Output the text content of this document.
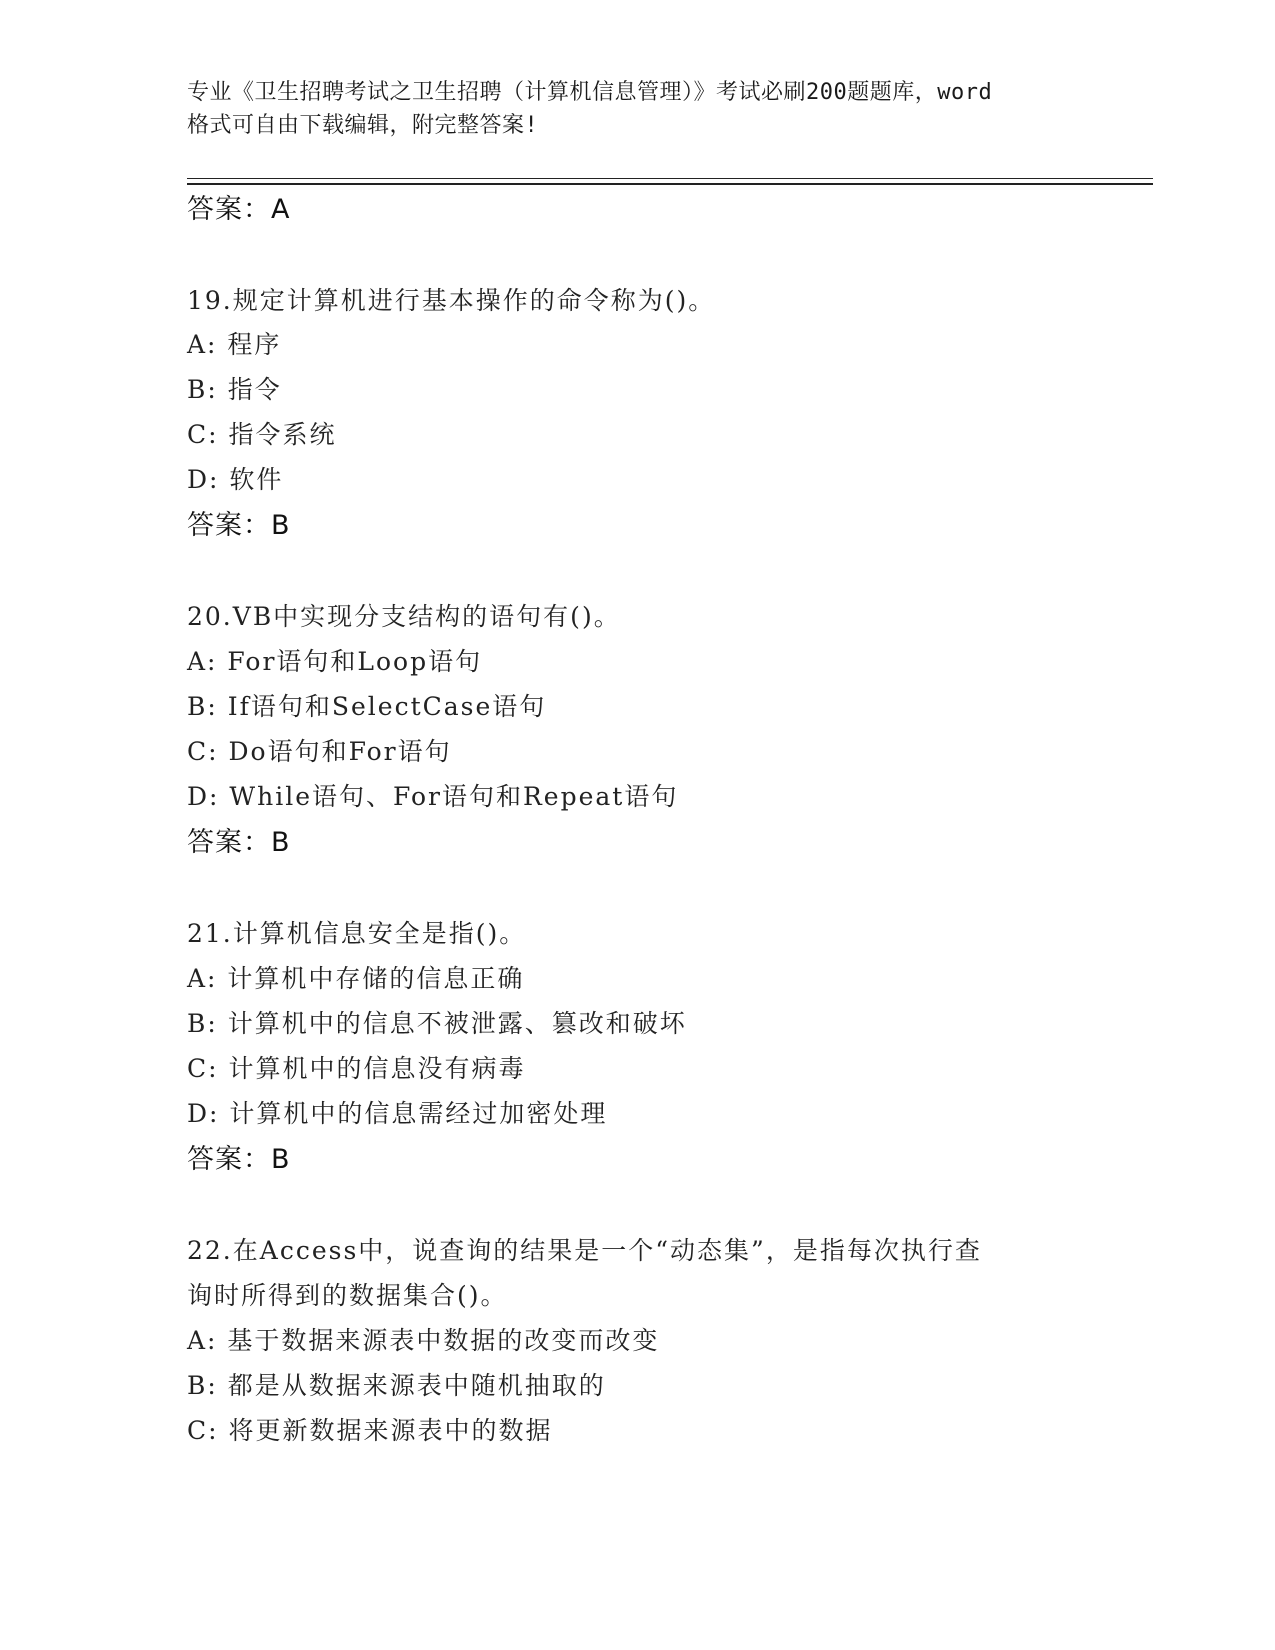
专业《卫生招聘考试之卫生招聘（计算机信息管理）》考试必刷200题题库，word
格式可自由下载编辑，附完整答案!
答案：A
19.规定计算机进行基本操作的命令称为()。
A: 程序
B: 指令
C: 指令系统
D: 软件
答案：B
20.VB中实现分支结构的语句有()。
A: For语句和Loop语句
B: If语句和SelectCase语句
C: Do语句和For语句
D: While语句、For语句和Repeat语句
答案：B
21.计算机信息安全是指()。
A: 计算机中存储的信息正确
B: 计算机中的信息不被泄露、篡改和破坏
C: 计算机中的信息没有病毒
D: 计算机中的信息需经过加密处理
答案：B
22.在Access中，说查询的结果是一个“动态集”，是指每次执行查
询时所得到的数据集合()。
A: 基于数据来源表中数据的改变而改变
B: 都是从数据来源表中随机抽取的
C: 将更新数据来源表中的数据
